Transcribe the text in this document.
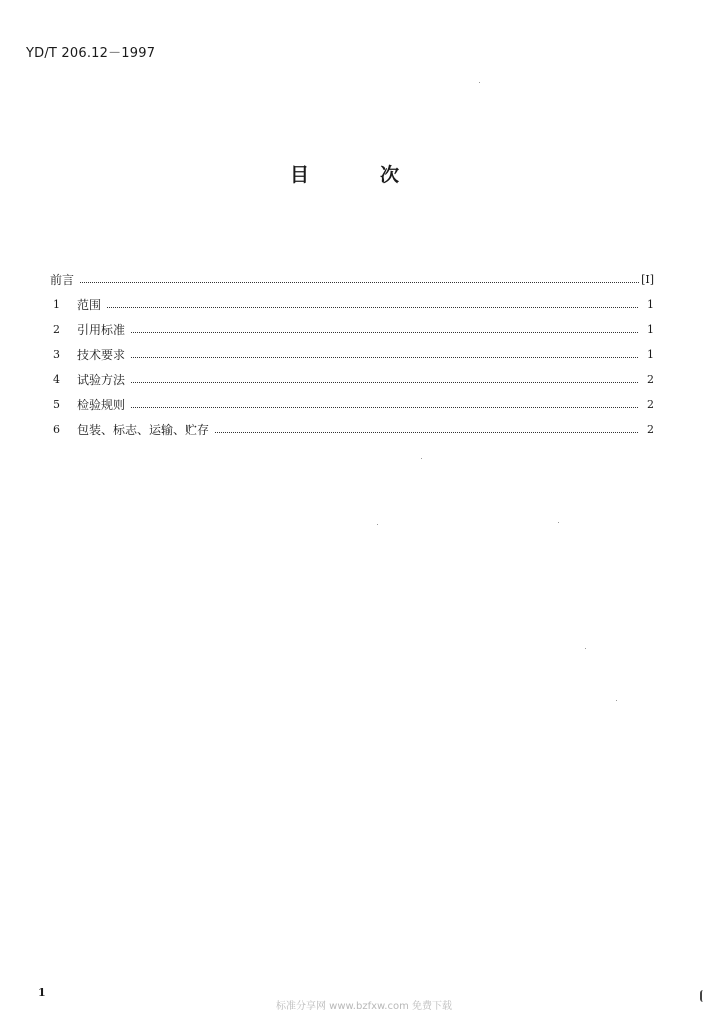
YD/T 206.12－1997
目	次
前言	[I]
1	范围	1
2	引用标准	1
3	技术要求	1
4	试验方法	2
5	检验规则	2
6	包装、标志、运输、贮存	2
1
标准分享网 www.bzfxw.com 免费下载
